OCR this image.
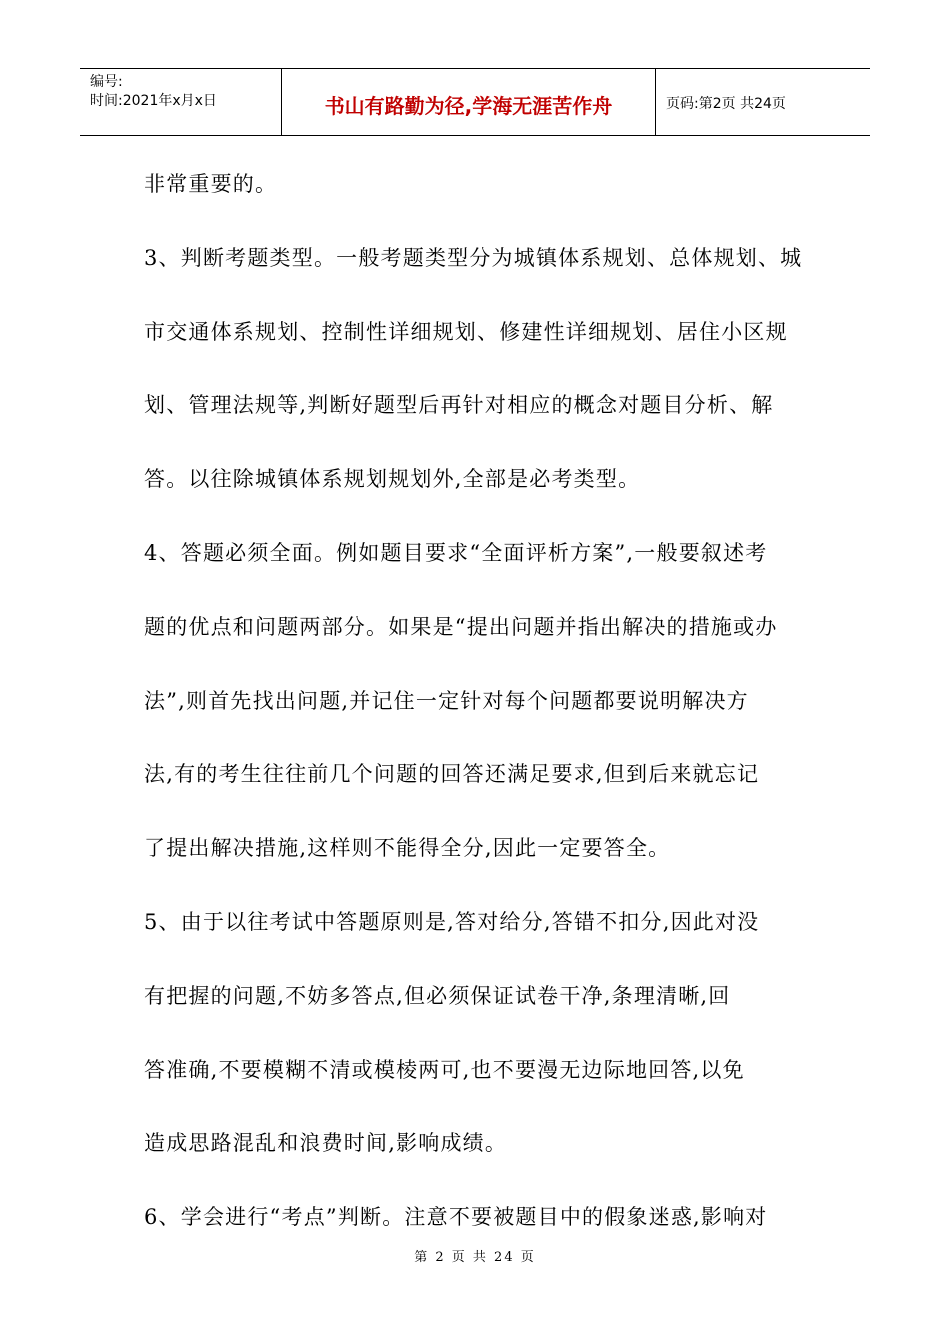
编号:
时间:2021年x月x日	书山有路勤为径,学海无涯苦作舟	页码:第2页 共24页
非常重要的。
3、判断考题类型。一般考题类型分为城镇体系规划、总体规划、城
市交通体系规划、控制性详细规划、修建性详细规划、居住小区规
划、管理法规等,判断好题型后再针对相应的概念对题目分析、解
答。以往除城镇体系规划规划外,全部是必考类型。
4、答题必须全面。例如题目要求“全面评析方案”,一般要叙述考
题的优点和问题两部分。如果是“提出问题并指出解决的措施或办
法”,则首先找出问题,并记住一定针对每个问题都要说明解决方
法,有的考生往往前几个问题的回答还满足要求,但到后来就忘记
了提出解决措施,这样则不能得全分,因此一定要答全。
5、由于以往考试中答题原则是,答对给分,答错不扣分,因此对没
有把握的问题,不妨多答点,但必须保证试卷干净,条理清晰,回
答准确,不要模糊不清或模棱两可,也不要漫无边际地回答,以免
造成思路混乱和浪费时间,影响成绩。
6、学会进行“考点”判断。注意不要被题目中的假象迷惑,影响对
第 2 页 共 24 页
